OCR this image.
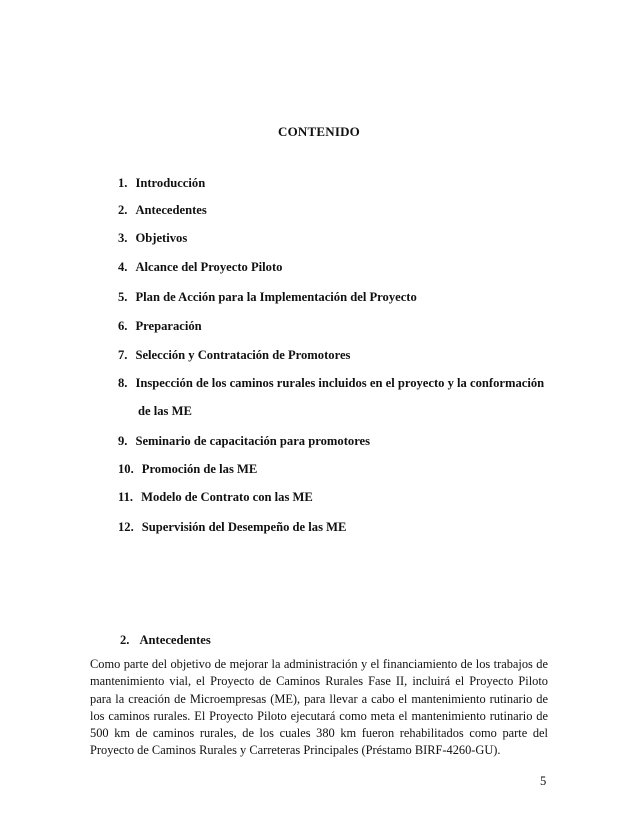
CONTENIDO
1. Introducción
2. Antecedentes
3. Objetivos
4. Alcance del Proyecto Piloto
5. Plan de Acción para la Implementación del Proyecto
6. Preparación
7. Selección y Contratación de Promotores
8. Inspección de los caminos rurales incluidos en el proyecto y la conformación
de las ME
9. Seminario de capacitación para promotores
10. Promoción de las ME
11. Modelo de Contrato con las ME
12. Supervisión del Desempeño de las ME
2. Antecedentes
Como parte del objetivo de mejorar la administración y el financiamiento de los trabajos de mantenimiento vial, el Proyecto de Caminos Rurales Fase II, incluirá el Proyecto Piloto para la creación de Microempresas (ME), para llevar a cabo el mantenimiento rutinario de los caminos rurales. El Proyecto Piloto ejecutará como meta el mantenimiento rutinario de 500 km de caminos rurales, de los cuales 380 km fueron rehabilitados como parte del Proyecto de Caminos Rurales y Carreteras Principales (Préstamo BIRF-4260-GU).
5
